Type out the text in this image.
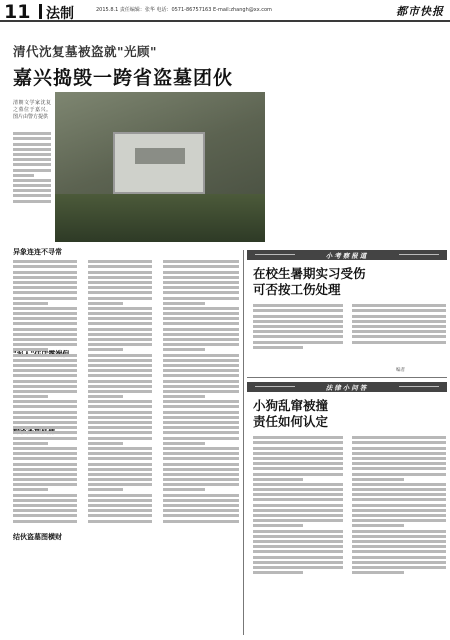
11 法制	2015.8.1 责任编辑：张华 电话：0571-86757163 E-mail:zhangh@xx.com	都市快报
清代沈复墓被盗就"光顾"
嘉兴捣毁一跨省盗墓团伙
清朝文学家沈复之墓位于嘉兴。图片由警方提供
异象连连不寻常
结伙盗墓图横财
小考察报道
在校生暑期实习受伤
可否按工伤处理
编者
法律小问答
小狗乱窜被撞
责任如何认定
